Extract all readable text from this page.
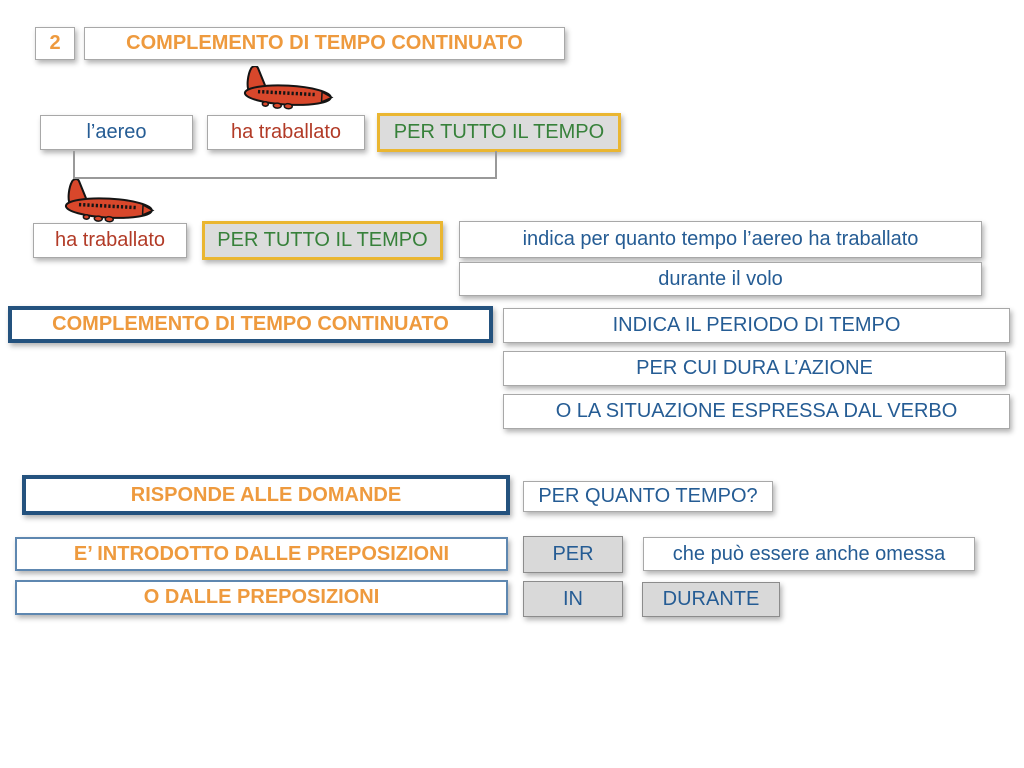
2	COMPLEMENTO DI TEMPO CONTINUATO
l’aereo	ha traballato	PER TUTTO IL TEMPO
ha traballato	PER TUTTO IL TEMPO	indica per quanto tempo l’aereo ha traballato
durante il volo
COMPLEMENTO DI TEMPO CONTINUATO	INDICA IL PERIODO DI TEMPO
PER CUI DURA L’AZIONE
O LA SITUAZIONE ESPRESSA DAL VERBO
RISPONDE ALLE DOMANDE	PER QUANTO TEMPO?
E’ INTRODOTTO DALLE PREPOSIZIONI	PER	che può essere anche omessa
O DALLE PREPOSIZIONI	IN	DURANTE
